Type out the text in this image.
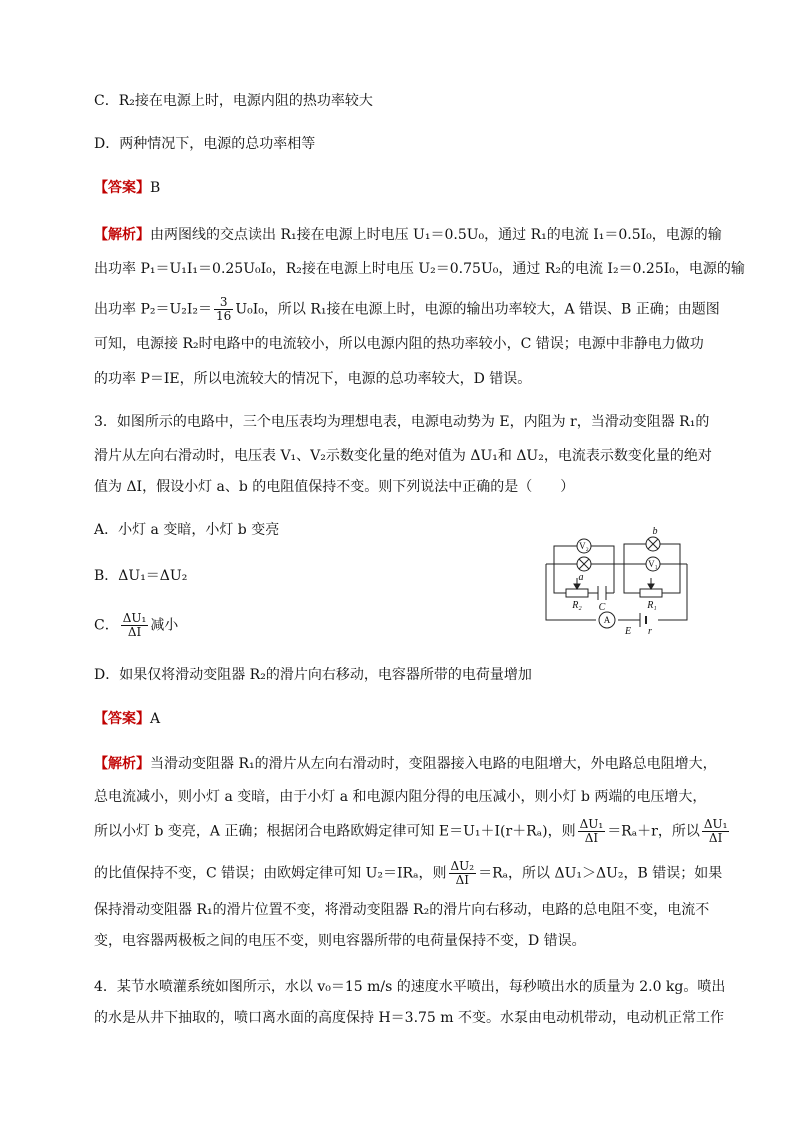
C．R₂接在电源上时，电源内阻的热功率较大
D．两种情况下，电源的总功率相等
【答案】B
【解析】由两图线的交点读出 R₁接在电源上时电压 U₁＝0.5U₀，通过 R₁的电流 I₁＝0.5I₀，电源的输
出功率 P₁＝U₁I₁＝0.25U₀I₀，R₂接在电源上时电压 U₂＝0.75U₀，通过 R₂的电流 I₂＝0.25I₀，电源的输
出功率 $P_2=U_2I_2= \frac{3}{16} U_0I_0$，所以 R₁接在电源上时，电源的输出功率较大，A 错误、B 正确；由题图
可知，电源接 R₂时电路中的电流较小，所以电源内阻的热功率较小，C 错误；电源中非静电力做功
的功率 P＝IE，所以电流较大的情况下，电源的总功率较大，D 错误。
3．如图所示的电路中，三个电压表均为理想电表，电源电动势为 E，内阻为 r，当滑动变阻器 R₁的
滑片从左向右滑动时，电压表 V₁、V₂示数变化量的绝对值为 ΔU₁和 ΔU₂，电流表示数变化量的绝对
值为 ΔI，假设小灯 a、b 的电阻值保持不变。则下列说法中正确的是（　　）
A．小灯 a 变暗，小灯 b 变亮
B．ΔU₁＝ΔU₂
C． $\frac{\text{ΔU₁}}{\Delta I}$ 减小
D．如果仅将滑动变阻器 R₂的滑片向右移动，电容器所带的电荷量增加
V₂
V₁
A
a
b
R₂ C	R₁
E r
【答案】A
【解析】当滑动变阻器 R₁的滑片从左向右滑动时，变阻器接入电路的电阻增大，外电路总电阻增大，
总电流减小，则小灯 a 变暗，由于小灯 a 和电源内阻分得的电压减小，则小灯 b 两端的电压增大，
所以小灯 b 变亮，A 正确；根据闭合电路欧姆定律可知 E＝U₁＋I(r＋Rₐ)，则 $\frac{\text{ΔU₁}}{\Delta I} =R_a+r$，所以 $\frac{\text{ΔU₁}}{\Delta I}$
的比值保持不变，C 错误；由欧姆定律可知 U₂＝IRₐ，则 $\frac{\text{ΔU₂}}{\Delta I} =R_a$，所以 ΔU₁＞ΔU₂，B 错误；如果
保持滑动变阻器 R₁的滑片位置不变，将滑动变阻器 R₂的滑片向右移动，电路的总电阻不变，电流不
变，电容器两极板之间的电压不变，则电容器所带的电荷量保持不变，D 错误。
4．某节水喷灌系统如图所示，水以 v₀＝15 m/s 的速度水平喷出，每秒喷出水的质量为 2.0 kg。喷出
的水是从井下抽取的，喷口离水面的高度保持 H＝3.75 m 不变。水泵由电动机带动，电动机正常工作
